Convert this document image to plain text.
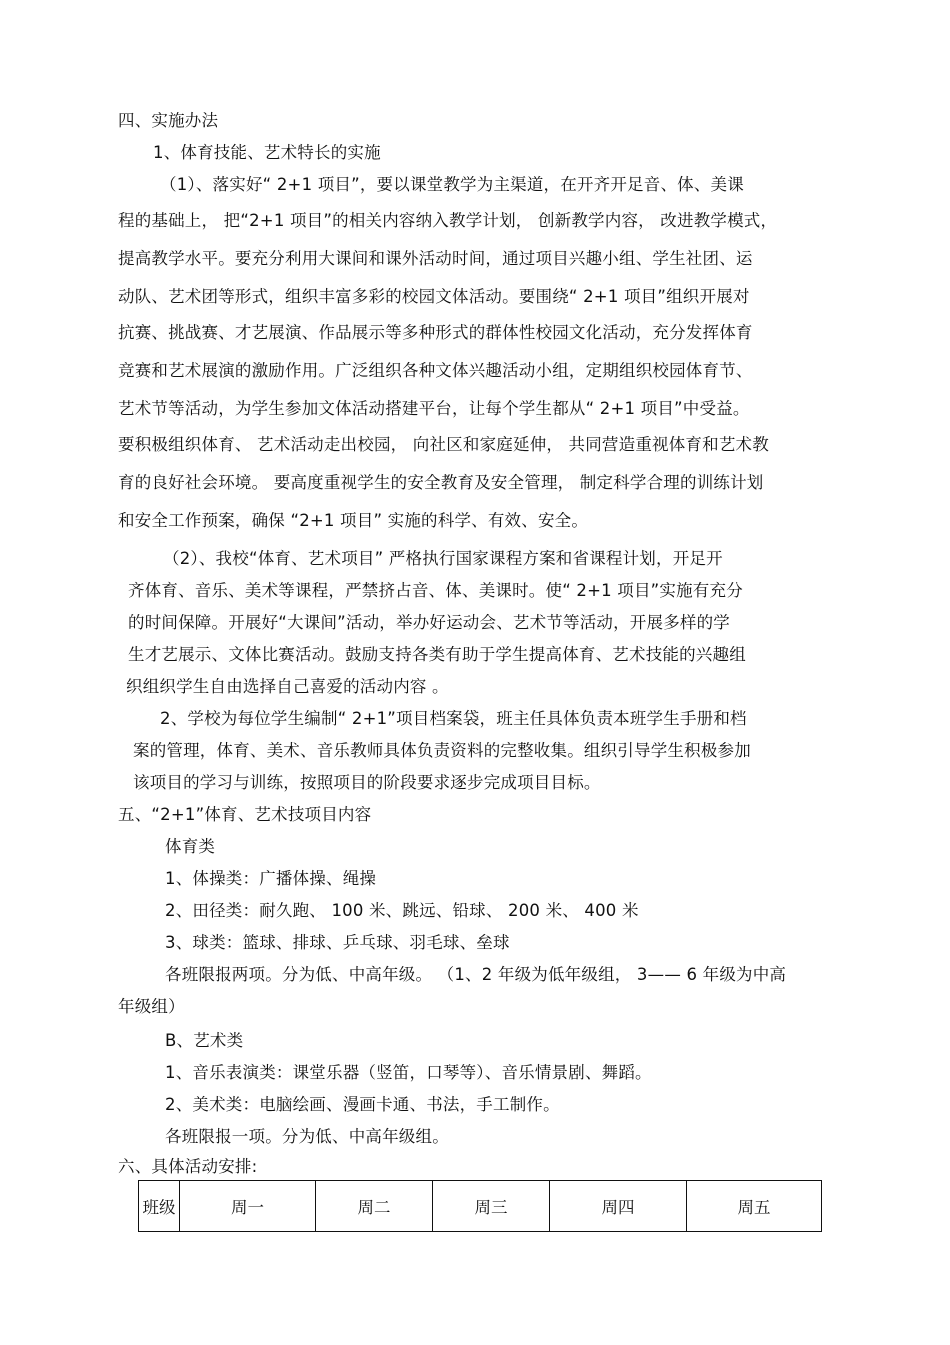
四、实施办法
1、体育技能、艺术特长的实施
（1）、落实好“ 2+1 项目”，要以课堂教学为主渠道，在开齐开足音、体、美课
程的基础上， 把“2+1 项目”的相关内容纳入教学计划， 创新教学内容， 改进教学模式，
提高教学水平。要充分利用大课间和课外活动时间，通过项目兴趣小组、学生社团、运
动队、艺术团等形式，组织丰富多彩的校园文体活动。要围绕“ 2+1 项目”组织开展对
抗赛、挑战赛、才艺展演、作品展示等多种形式的群体性校园文化活动，充分发挥体育
竞赛和艺术展演的激励作用。广泛组织各种文体兴趣活动小组，定期组织校园体育节、
艺术节等活动，为学生参加文体活动搭建平台，让每个学生都从“ 2+1 项目”中受益。
要积极组织体育、 艺术活动走出校园， 向社区和家庭延伸， 共同营造重视体育和艺术教
育的良好社会环境。 要高度重视学生的安全教育及安全管理， 制定科学合理的训练计划
和安全工作预案，确保 “2+1 项目” 实施的科学、有效、安全。
（2）、我校“体育、艺术项目” 严格执行国家课程方案和省课程计划，开足开
齐体育、音乐、美术等课程，严禁挤占音、体、美课时。使“ 2+1 项目”实施有充分
的时间保障。开展好“大课间”活动，举办好运动会、艺术节等活动，开展多样的学
生才艺展示、文体比赛活动。鼓励支持各类有助于学生提高体育、艺术技能的兴趣组
织组织学生自由选择自己喜爱的活动内容 。
2、学校为每位学生编制“ 2+1”项目档案袋，班主任具体负责本班学生手册和档
案的管理，体育、美术、音乐教师具体负责资料的完整收集。组织引导学生积极参加
该项目的学习与训练，按照项目的阶段要求逐步完成项目目标。
五、“2+1”体育、艺术技项目内容
体育类
1、体操类：广播体操、绳操
2、田径类：耐久跑、 100 米、跳远、铅球、 200 米、 400 米
3、球类：篮球、排球、乒乓球、羽毛球、垒球
各班限报两项。分为低、中高年级。 （1、2 年级为低年级组， 3—— 6 年级为中高
年级组）
B、艺术类
1、音乐表演类：课堂乐器（竖笛，口琴等）、音乐情景剧、舞蹈。
2、美术类：电脑绘画、漫画卡通、书法，手工制作。
各班限报一项。分为低、中高年级组。
六、具体活动安排:
班级	周一	周二	周三	周四	周五
